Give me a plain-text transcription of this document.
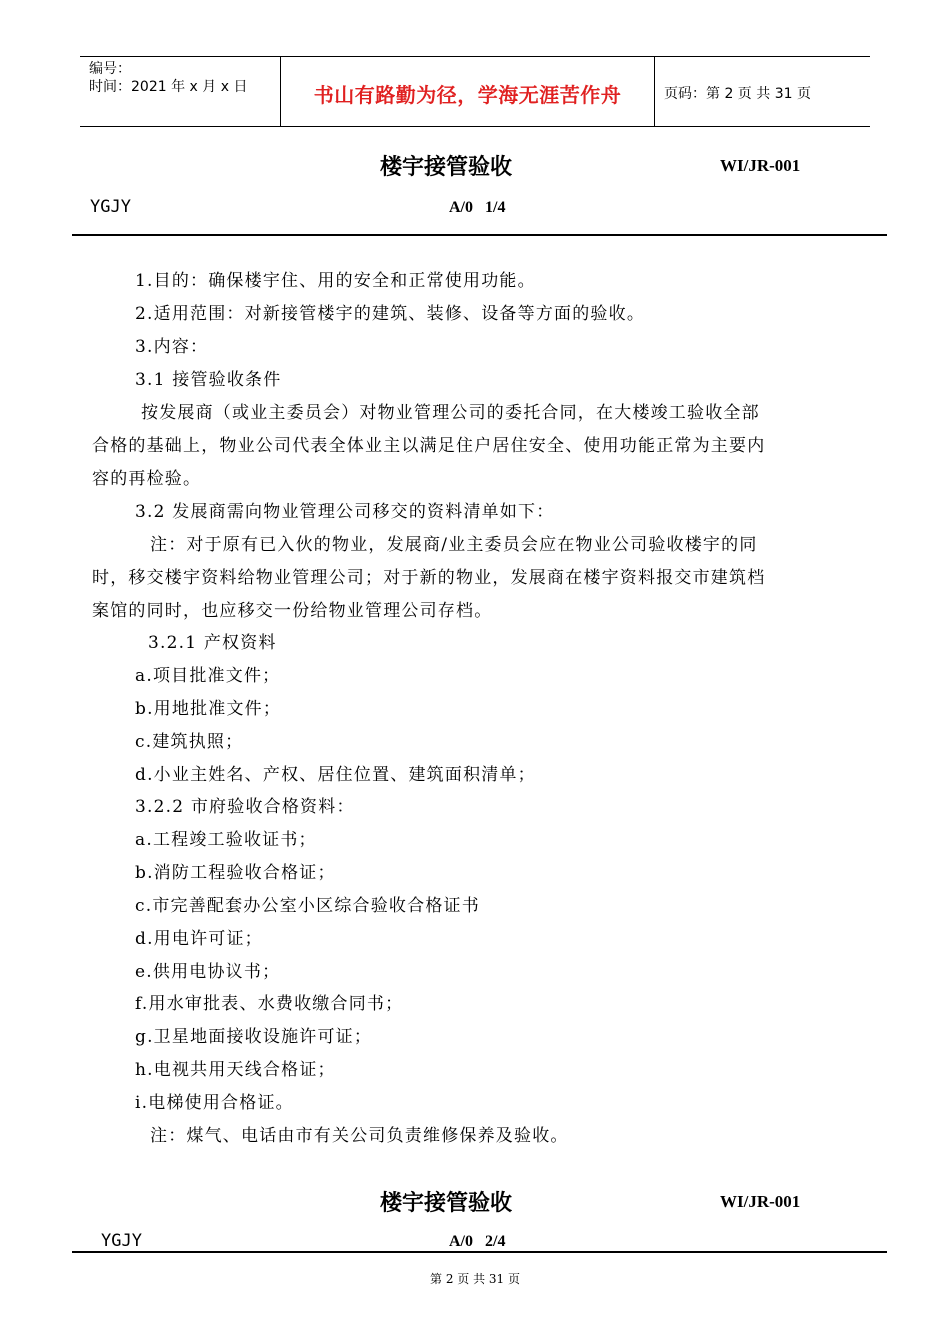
编号：
时间：2021 年 x 月 x 日	书山有路勤为径，学海无涯苦作舟	页码：第 2 页 共 31 页
楼宇接管验收	WI/JR-001
YGJY	A/0 1/4
1.目的：确保楼宇住、用的安全和正常使用功能。
2.适用范围：对新接管楼宇的建筑、装修、设备等方面的验收。
3.内容：
3.1 接管验收条件
按发展商（或业主委员会）对物业管理公司的委托合同，在大楼竣工验收全部
合格的基础上，物业公司代表全体业主以满足住户居住安全、使用功能正常为主要内
容的再检验。
3.2 发展商需向物业管理公司移交的资料清单如下：
注：对于原有已入伙的物业，发展商/业主委员会应在物业公司验收楼宇的同
时，移交楼宇资料给物业管理公司；对于新的物业，发展商在楼宇资料报交市建筑档
案馆的同时，也应移交一份给物业管理公司存档。
3.2.1 产权资料
a.项目批准文件；
b.用地批准文件；
c.建筑执照；
d.小业主姓名、产权、居住位置、建筑面积清单；
3.2.2 市府验收合格资料：
a.工程竣工验收证书；
b.消防工程验收合格证；
c.市完善配套办公室小区综合验收合格证书
d.用电许可证；
e.供用电协议书；
f.用水审批表、水费收缴合同书；
g.卫星地面接收设施许可证；
h.电视共用天线合格证；
i.电梯使用合格证。
注：煤气、电话由市有关公司负责维修保养及验收。
楼宇接管验收	WI/JR-001
YGJY	A/0 2/4
第 2 页 共 31 页
